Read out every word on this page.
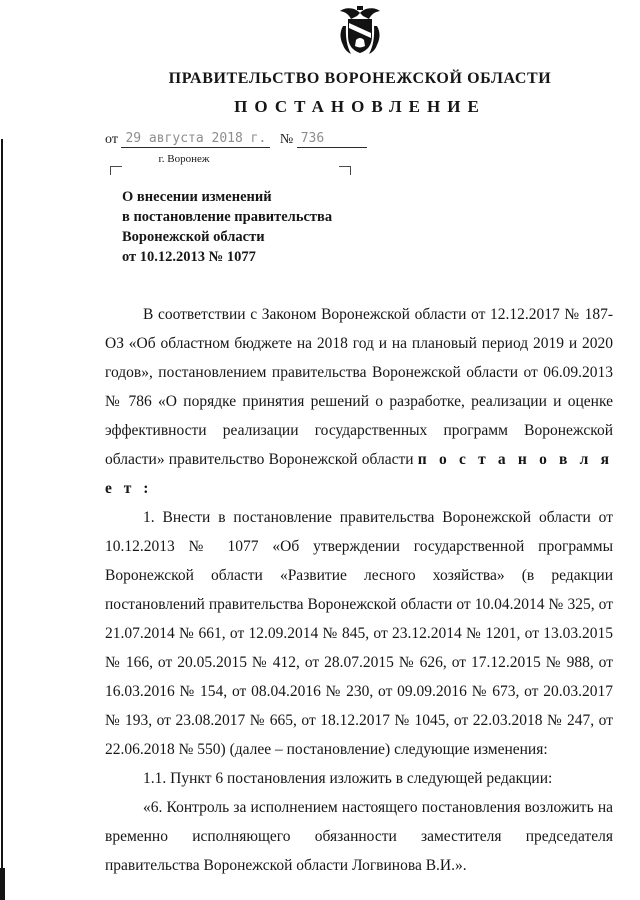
ПРАВИТЕЛЬСТВО ВОРОНЕЖСКОЙ ОБЛАСТИ
ПОСТАНОВЛЕНИЕ
от 29 августа 2018 г. № 736
г. Воронеж
О внесении изменений
в постановление правительства
Воронежской области
от 10.12.2013 № 1077

В соответствии с Законом Воронежской области от 12.12.2017 № 187-ОЗ «Об областном бюджете на 2018 год и на плановый период 2019 и 2020 годов», постановлением правительства Воронежской области от 06.09.2013 № 786 «О порядке принятия решений о разработке, реализации и оценке эффективности реализации государственных программ Воронежской области» правительство Воронежской области п о с т а н о в л я е т :

1. Внести в постановление правительства Воронежской области от 10.12.2013 № 1077 «Об утверждении государственной программы Воронежской области «Развитие лесного хозяйства» (в редакции постановлений правительства Воронежской области от 10.04.2014 № 325, от 21.07.2014 № 661, от 12.09.2014 № 845, от 23.12.2014 № 1201, от 13.03.2015 № 166, от 20.05.2015 № 412, от 28.07.2015 № 626, от 17.12.2015 № 988, от 16.03.2016 № 154, от 08.04.2016 № 230, от 09.09.2016 № 673, от 20.03.2017 № 193, от 23.08.2017 № 665, от 18.12.2017 № 1045, от 22.03.2018 № 247, от 22.06.2018 № 550) (далее – постановление) следующие изменения:

1.1. Пункт 6 постановления изложить в следующей редакции:

«6. Контроль за исполнением настоящего постановления возложить на временно исполняющего обязанности заместителя председателя правительства Воронежской области Логвинова В.И.».
